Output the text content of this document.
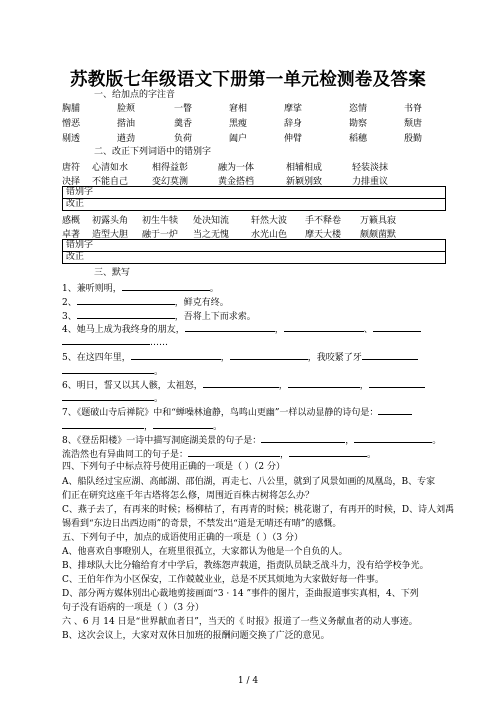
苏教版七年级语文下册第一单元检测卷及答案
一、给加点的字注音
胸脯	脸颊	一瞥	窘相	摩挲	恣情	书脊
憎恶	揩油	羹香	黑瘦	辞身	勘察	颓唐
剔透	遒劲	负荷	阖户	伸臂	稻穗	殷勤
二、改正下列词语中的错别字
唐符 心清如水	相得益彰	融为一体	相辅相成	轻装淡抹
决择 不能自己	变幻莫测	黄金搭档	新颖别致	力排重议
错别字
改正
感概 初露头角 初生牛犊 处决知流 轩然大波 手不释卷 万籁具寂
卓著 造型大胆 融于一炉 当之无愧 水光山色 摩天大楼 颇颇菌默
错别字
改正
三、默写
1、兼听则明，	。
2、	，鲜克有终。
3、	，吾将上下而求索。
4、她马上成为我终身的朋友，	，	、
……
5、在这四年里，	，	，我咬紧了牙
。
6、明日，誓又以其人骸，太祖怒，	，	，
。
7、《题破山寺后禅院》中和“蝉噪林逾静，鸟鸣山更幽”一样以动显静的诗句是：
，	。
8、《登岳阳楼》一诗中描写洞庭湖美景的句子是：	，	。
流浩然也有异曲同工的句子是：	，	。
四、下列句子中标点符号使用正确的一项是（ ）（2 分）
A、船队经过宝应湖、高邮湖、邵伯湖，再走七、八公里，就到了风景如画的凤凰岛，B、专家
们正在研究这座千年古塔将怎么修，周围近百株古树将怎么办？
C、燕子去了，有再来的时候；杨柳枯了，有再青的时候；桃花谢了，有再开的时候，D、诗人刘禹
锡看到“东边日出西边雨”的奇景，不禁发出“道是无晴还有晴”的感慨。
五、下列句子中，加点的成语使用正确的一项是（ ）（3 分）
A、他喜欢自事瞪别人，在班里很孤立，大家都认为他是一个自负的人。
B、排球队大比分输给育才中学后，教练怨声载道，指责队员缺乏战斗力，没有给学校争光。
C、王伯年作为小区保安，工作兢兢业业，总是不厌其烦地为大家做好每一件事。
D、部分两方媒体别出心裁地剪接画面“3 · 14 ”事件的图片，歪曲报道事实真相，4、下列
句子没有语病的一项是（ ）（3 分）
六 、6 月 14 日是“世界献血者日”，当天的《 时报》报道了一些义务献血者的动人事迹。
B、这次会议上，大家对双休日加班的报酬问题交换了广泛的意见。
1 / 4
